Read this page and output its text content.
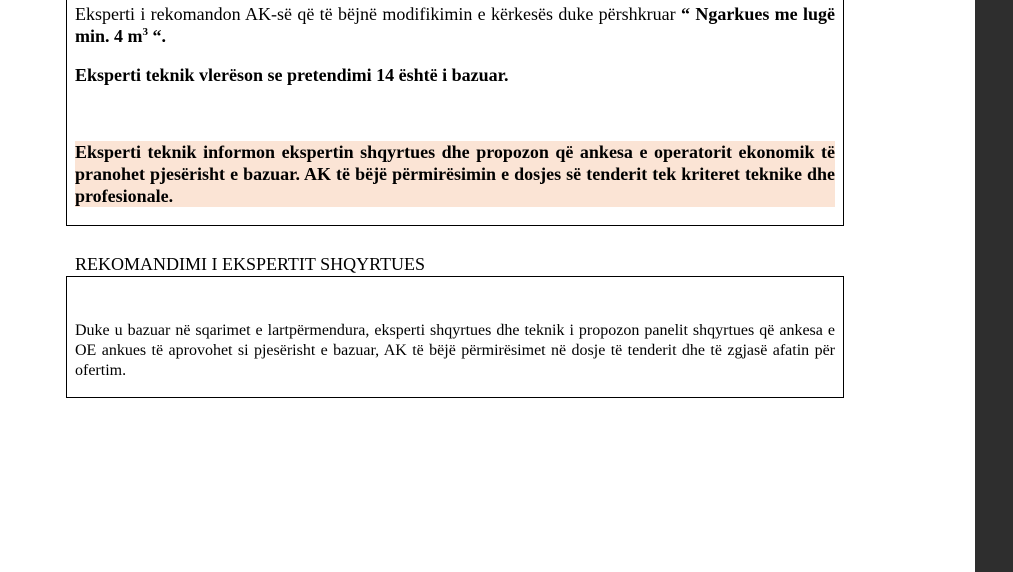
Eksperti i rekomandon AK-së që të bëjnë modifikimin e kërkesës duke përshkruar “ Ngarkues me lugë min. 4 $m^3$ “.

Eksperti teknik vlerëson se pretendimi 14 është i bazuar.

Eksperti teknik informon ekspertin shqyrtues dhe propozon që ankesa e operatorit ekonomik të pranohet pjesërisht e bazuar. AK të bëjë përmirësimin e dosjes së tenderit tek kriteret teknike dhe profesionale.

REKOMANDIMI I EKSPERTIT SHQYRTUES

Duke u bazuar në sqarimet e lartpërmendura, eksperti shqyrtues dhe teknik i propozon panelit shqyrtues që ankesa e OE ankues të aprovohet si pjesërisht e bazuar, AK të bëjë përmirësimet në dosje të tenderit dhe të zgjasë afatin për ofertim.
